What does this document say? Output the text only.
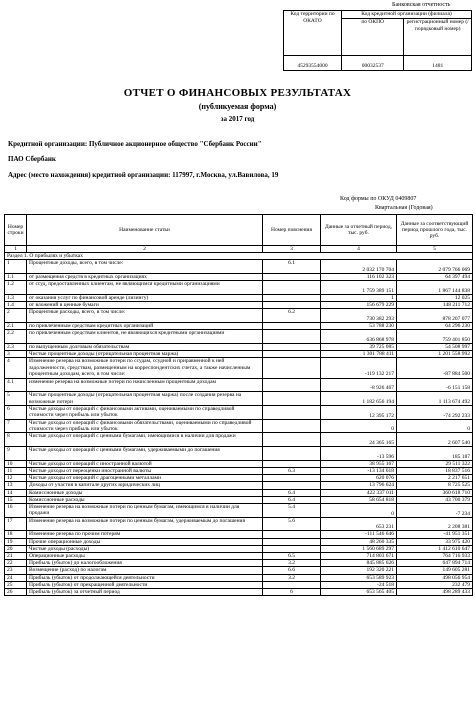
Банковская отчетность
Код территории по ОКАТО	Код кредитной организации (филиала)	
	по ОКПО	регистрационный номер (/порядковый номер)
45293554000	00032537	1481
ОТЧЕТ О ФИНАНСОВЫХ РЕЗУЛЬТАТАХ
(публикуемая форма)
за 2017 год
Кредитной организации: Публичное акционерное общество "Сбербанк России"
ПАО Сбербанк
Адрес (место нахождения) кредитной организации: 117997, г.Москва, ул.Вавилова, 19
Код формы по ОКУД 0409807
Квартальная (Годовая)
Номер строки	Наименование статьи	Номер пояснения	Данные за отчетный период, тыс. руб.	Данные за соответствующий период прошлого года, тыс. руб.
1	2	3	4	5
Раздел 1. О прибылях и убытках				
1	Процентные доходы, всего, в том числе:	6.1	2 032 170 704	2 079 766 069
1.1	от размещения средств в кредитных организациях		116 102 323	64 397 494
1.2	от ссуд, предоставленных клиентам, не являющимся кредитными организациями		1 759 389 151	1 867 144 838
1.3	от оказания услуг по финансовой аренде (лизингу)		1	12 025
1.4	от вложений в ценные бумаги		156 679 229	148 211 712
2	Процентные расходы, всего, в том числе:	6.2	730 382 293	878 207 077
2.1	по привлеченным средствам кредитных организаций		53 788 230	64 296 230
2.2	по привлеченным средствам клиентов, не являющихся кредитными организациями		636 868 978	759 401 850
2.3	по выпущенным долговым обязательствам		39 725 085	54 508 997
3	Чистые процентные доходы (отрицательная процентная маржа)		1 301 788 411	1 201 558 992
4	Изменение резерва на возможные потери по ссудам, ссудной и приравненной к ней задолженности, средствам, размещенным на корреспондентских счетах, а также начисленным процентным доходам, всего, в том числе:		-119 132 217	-87 884 500
4.1	изменение резерва на возможные потери по начисленным процентным доходам		-8 926 467	-6 151 158
5	Чистые процентные доходы (отрицательная процентная маржа) после создания резерва на возможные потери		1 182 656 194	1 113 674 492
6	Чистые доходы от операций с финансовыми активами, оцениваемыми по справедливой стоимости через прибыль или убыток		12 395 172	-74 292 233
7	Чистые доходы от операций с финансовыми обязательствами, оцениваемыми по справедливой стоимости через прибыль или убыток		0	0
8	Чистые доходы от операций с ценными бумагами, имеющимися в наличии для продажи		24 365 165	2 607 540
9	Чистые доходы от операций с ценными бумагами, удерживаемыми до погашения		-13 596	185 187
10	Чистые доходы от операций с иностранной валютой		38 955 167	29 511 322
11	Чистые доходы от переоценки иностранной валюты	6.3	-13 134 618	18 837 516
12	Чистые доходы от операций с драгоценными металлами		620 076	2 217 651
13	Доходы от участия в капитале других юридических лиц		13 796 624	8 725 525
14	Комиссионные доходы	6.4	422 337 011	360 618 710
15	Комиссионные расходы	6.4	58 654 818	43 700 379
16	Изменение резерва на возможные потери по ценным бумагам, имеющимся в наличии для продажи	5.4	0	-7 234
17	Изменение резерва на возможные потери по ценным бумагам, удерживаемым до погашения	5.6	653 231	2 208 381
18	Изменение резерва по прочим потерям		-111 546 646	-41 951 351
19	Прочие операционные доходы		48 260 335	33 975 420
20	Чистые доходы (расходы)		1 560 689 297	1 412 610 647
21	Операционные расходы	6.5	714 803 671	764 716 933
22	Прибыль (убыток) до налогообложения	3.2	845 885 626	647 894 714
23	Возмещение (расход) по налогам	6.6	192 320 221	149 605 281
24	Прибыль (убыток) от продолжающейся деятельности	3.2	653 589 923	498 056 954
25	Прибыль (убыток) от прекращенной деятельности		-24 518	232 479
26	Прибыль (убыток) за отчетный период	6	653 565 405	498 289 433
